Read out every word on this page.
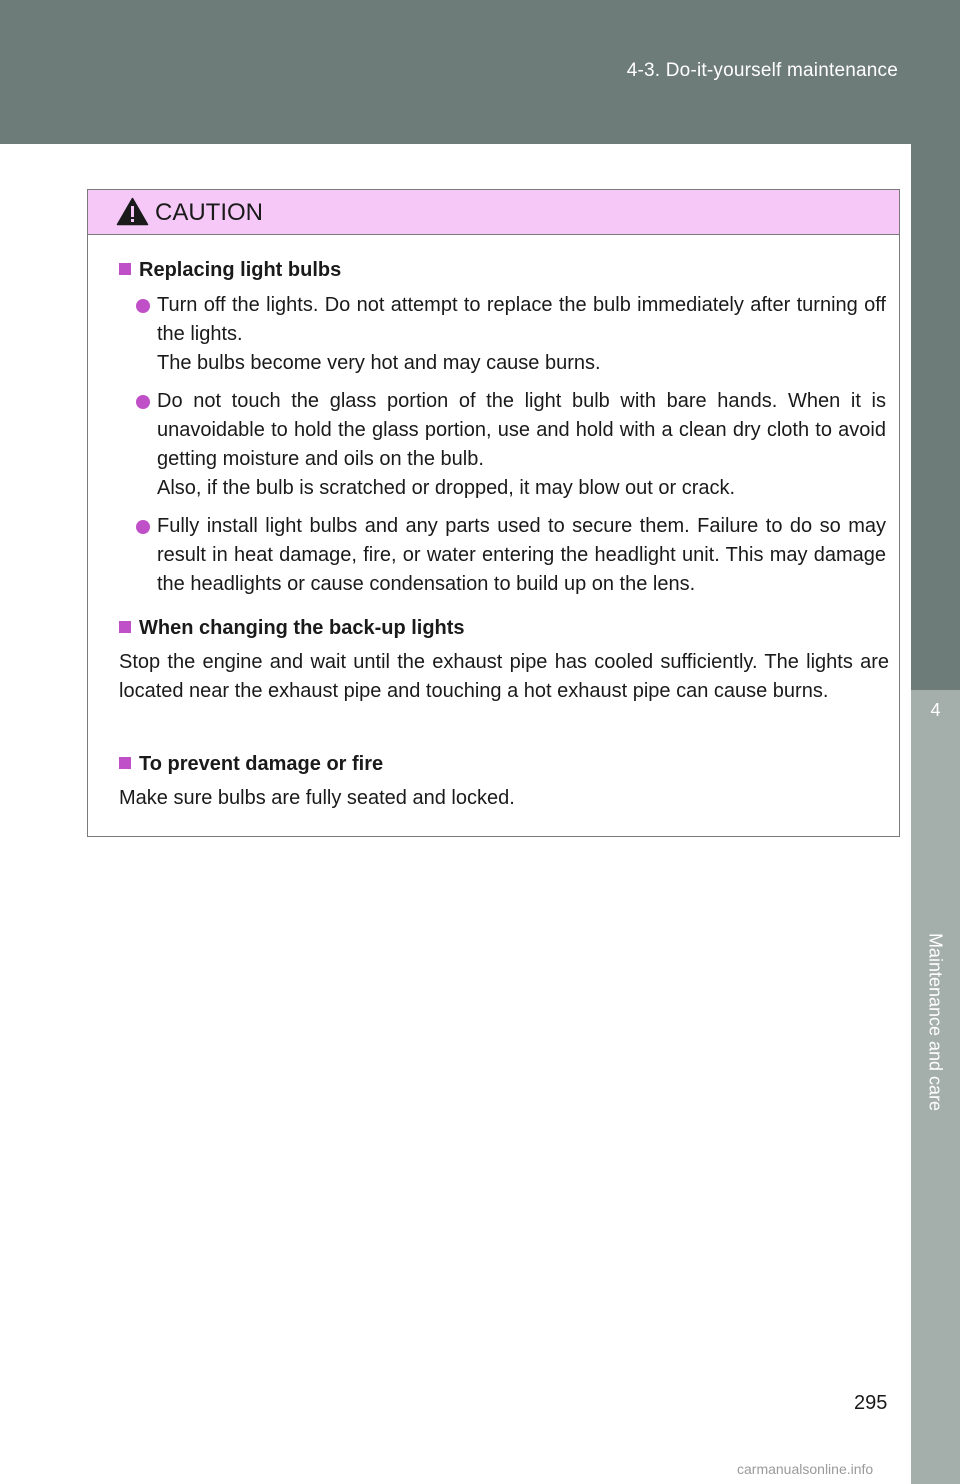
4-3. Do-it-yourself maintenance
4
Maintenance and care
CAUTION
Replacing light bulbs
Turn off the lights. Do not attempt to replace the bulb immediately after turning off the lights.
The bulbs become very hot and may cause burns.
Do not touch the glass portion of the light bulb with bare hands. When it is unavoidable to hold the glass portion, use and hold with a clean dry cloth to avoid getting moisture and oils on the bulb.
Also, if the bulb is scratched or dropped, it may blow out or crack.
Fully install light bulbs and any parts used to secure them. Failure to do so may result in heat damage, fire, or water entering the headlight unit. This may damage the headlights or cause condensation to build up on the lens.
When changing the back-up lights
Stop the engine and wait until the exhaust pipe has cooled sufficiently. The lights are located near the exhaust pipe and touching a hot exhaust pipe can cause burns.
To prevent damage or fire
Make sure bulbs are fully seated and locked.
295
carmanualsonline.info
